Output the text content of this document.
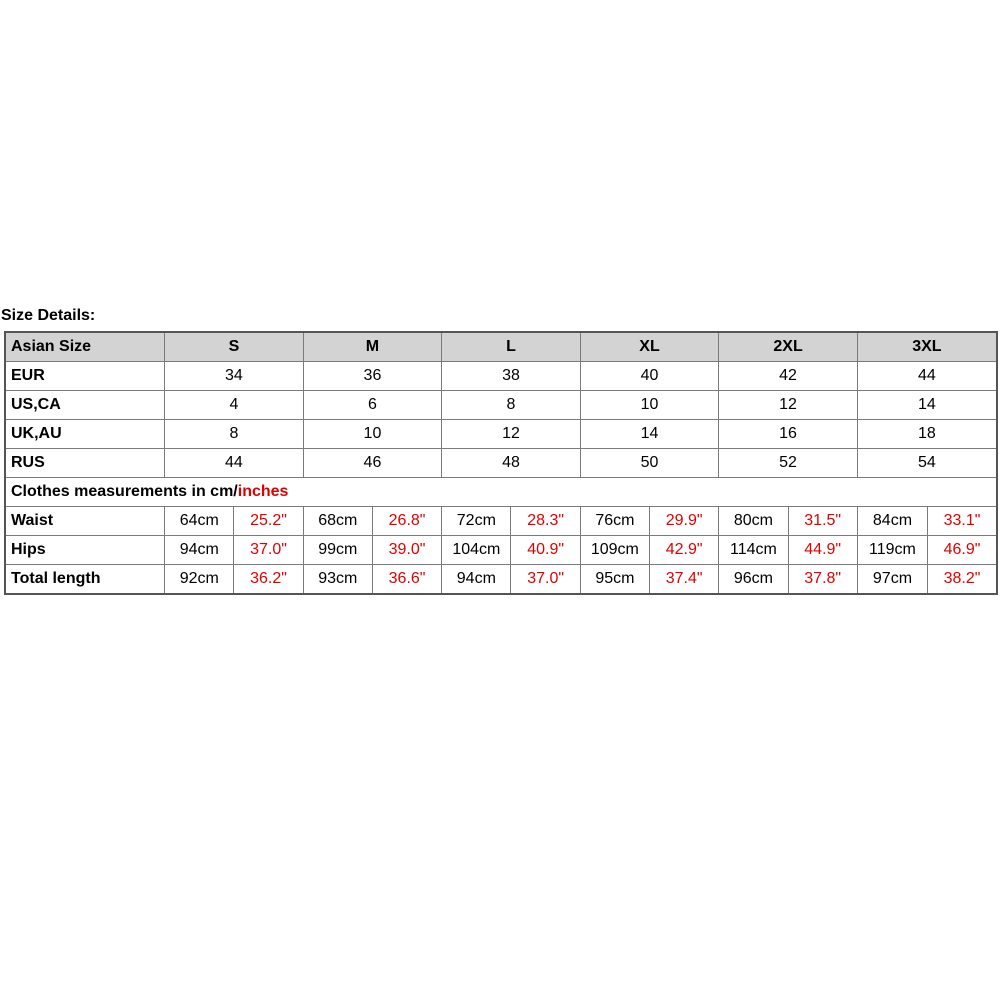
Size Details:
Asian Size	S		M		L		XL		2XL		3XL	
EUR	34		36		38		40		42		44	
US,CA	4		6		8		10		12		14	
UK,AU	8		10		12		14		16		18	
RUS	44		46		48		50		52		54	
Clothes measurements in cm/inches												
Waist	64cm	25.2"	68cm	26.8"	72cm	28.3"	76cm	29.9"	80cm	31.5"	84cm	33.1"
Hips	94cm	37.0"	99cm	39.0"	104cm	40.9"	109cm	42.9"	114cm	44.9"	119cm	46.9"
Total length	92cm	36.2"	93cm	36.6"	94cm	37.0"	95cm	37.4"	96cm	37.8"	97cm	38.2"
